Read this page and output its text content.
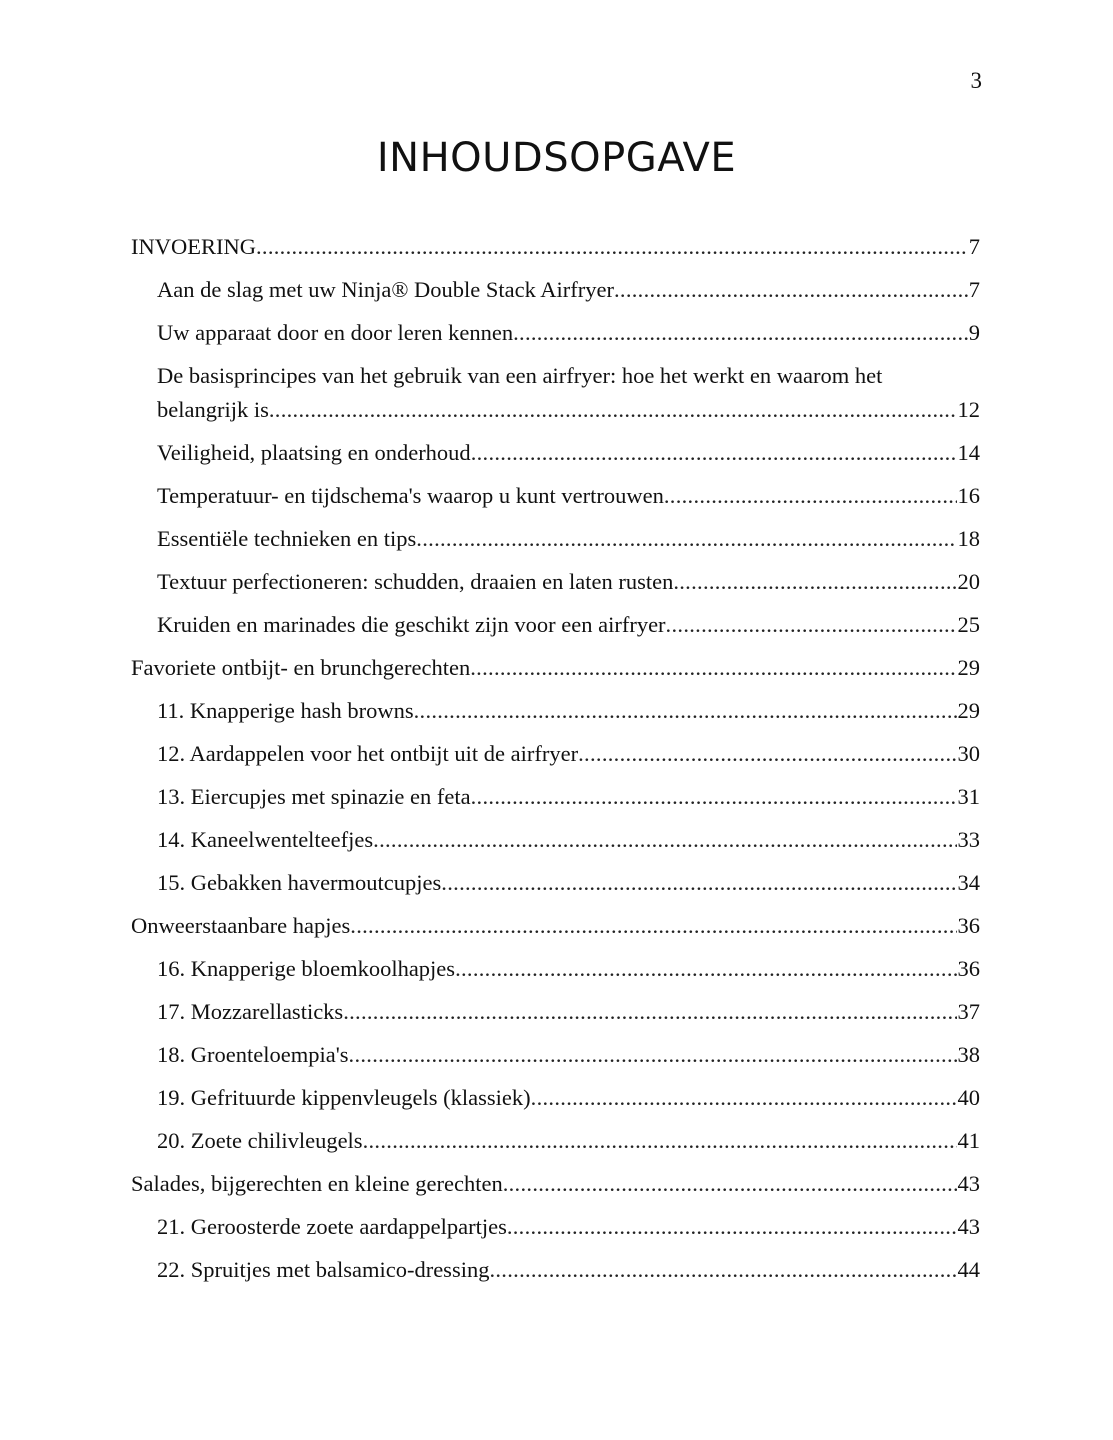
3
INHOUDSOPGAVE
INVOERING .....	7
Aan de slag met uw Ninja® Double Stack Airfryer .....	7
Uw apparaat door en door leren kennen .....	9
De basisprincipes van het gebruik van een airfryer: hoe het werkt en waarom het
belangrijk is .....	12
Veiligheid, plaatsing en onderhoud .....	14
Temperatuur- en tijdschema's waarop u kunt vertrouwen .....	16
Essentiële technieken en tips .....	18
Textuur perfectioneren: schudden, draaien en laten rusten .....	20
Kruiden en marinades die geschikt zijn voor een airfryer .....	25
Favoriete ontbijt- en brunchgerechten .....	29
11. Knapperige hash browns .....	29
12. Aardappelen voor het ontbijt uit de airfryer .....	30
13. Eiercupjes met spinazie en feta .....	31
14. Kaneelwentelteefjes .....	33
15. Gebakken havermoutcupjes .....	34
Onweerstaanbare hapjes .....	36
16. Knapperige bloemkoolhapjes .....	36
17. Mozzarellasticks .....	37
18. Groenteloempia's .....	38
19. Gefrituurde kippenvleugels (klassiek) .....	40
20. Zoete chilivleugels .....	41
Salades, bijgerechten en kleine gerechten .....	43
21. Geroosterde zoete aardappelpartjes .....	43
22. Spruitjes met balsamico-dressing .....	44
